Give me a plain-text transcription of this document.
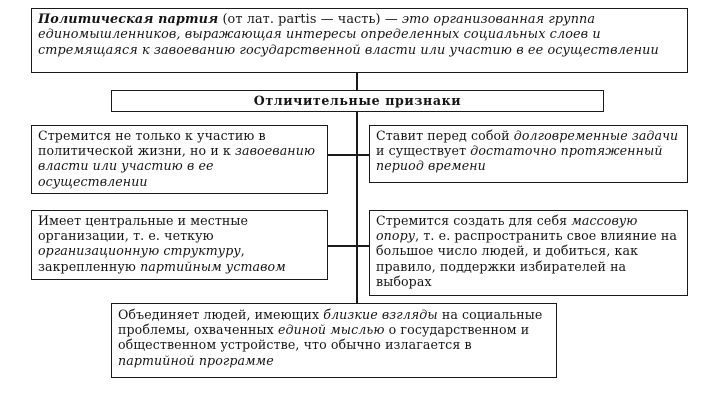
Политическая партия (от лат. partis — часть) — это организованная группа единомышленников, выражающая интересы определенных социальных слоев и стремящаяся к завоеванию государственной власти или участию в ее осуществлении

Отличительные признаки

Стремится не только к участию в политической жизни, но и к завоеванию власти или участию в ее осуществлении

Ставит перед собой долговременные задачи и существует достаточно протяженный период времени

Имеет центральные и местные организации, т. е. четкую организационную структуру, закрепленную партийным уставом

Стремится создать для себя массовую опору, т. е. распространить свое влияние на большое число людей, и добиться, как правило, поддержки избирателей на выборах

Объединяет людей, имеющих близкие взгляды на социальные проблемы, охваченных единой мыслью о государственном и общественном устройстве, что обычно излагается в партийной программе
